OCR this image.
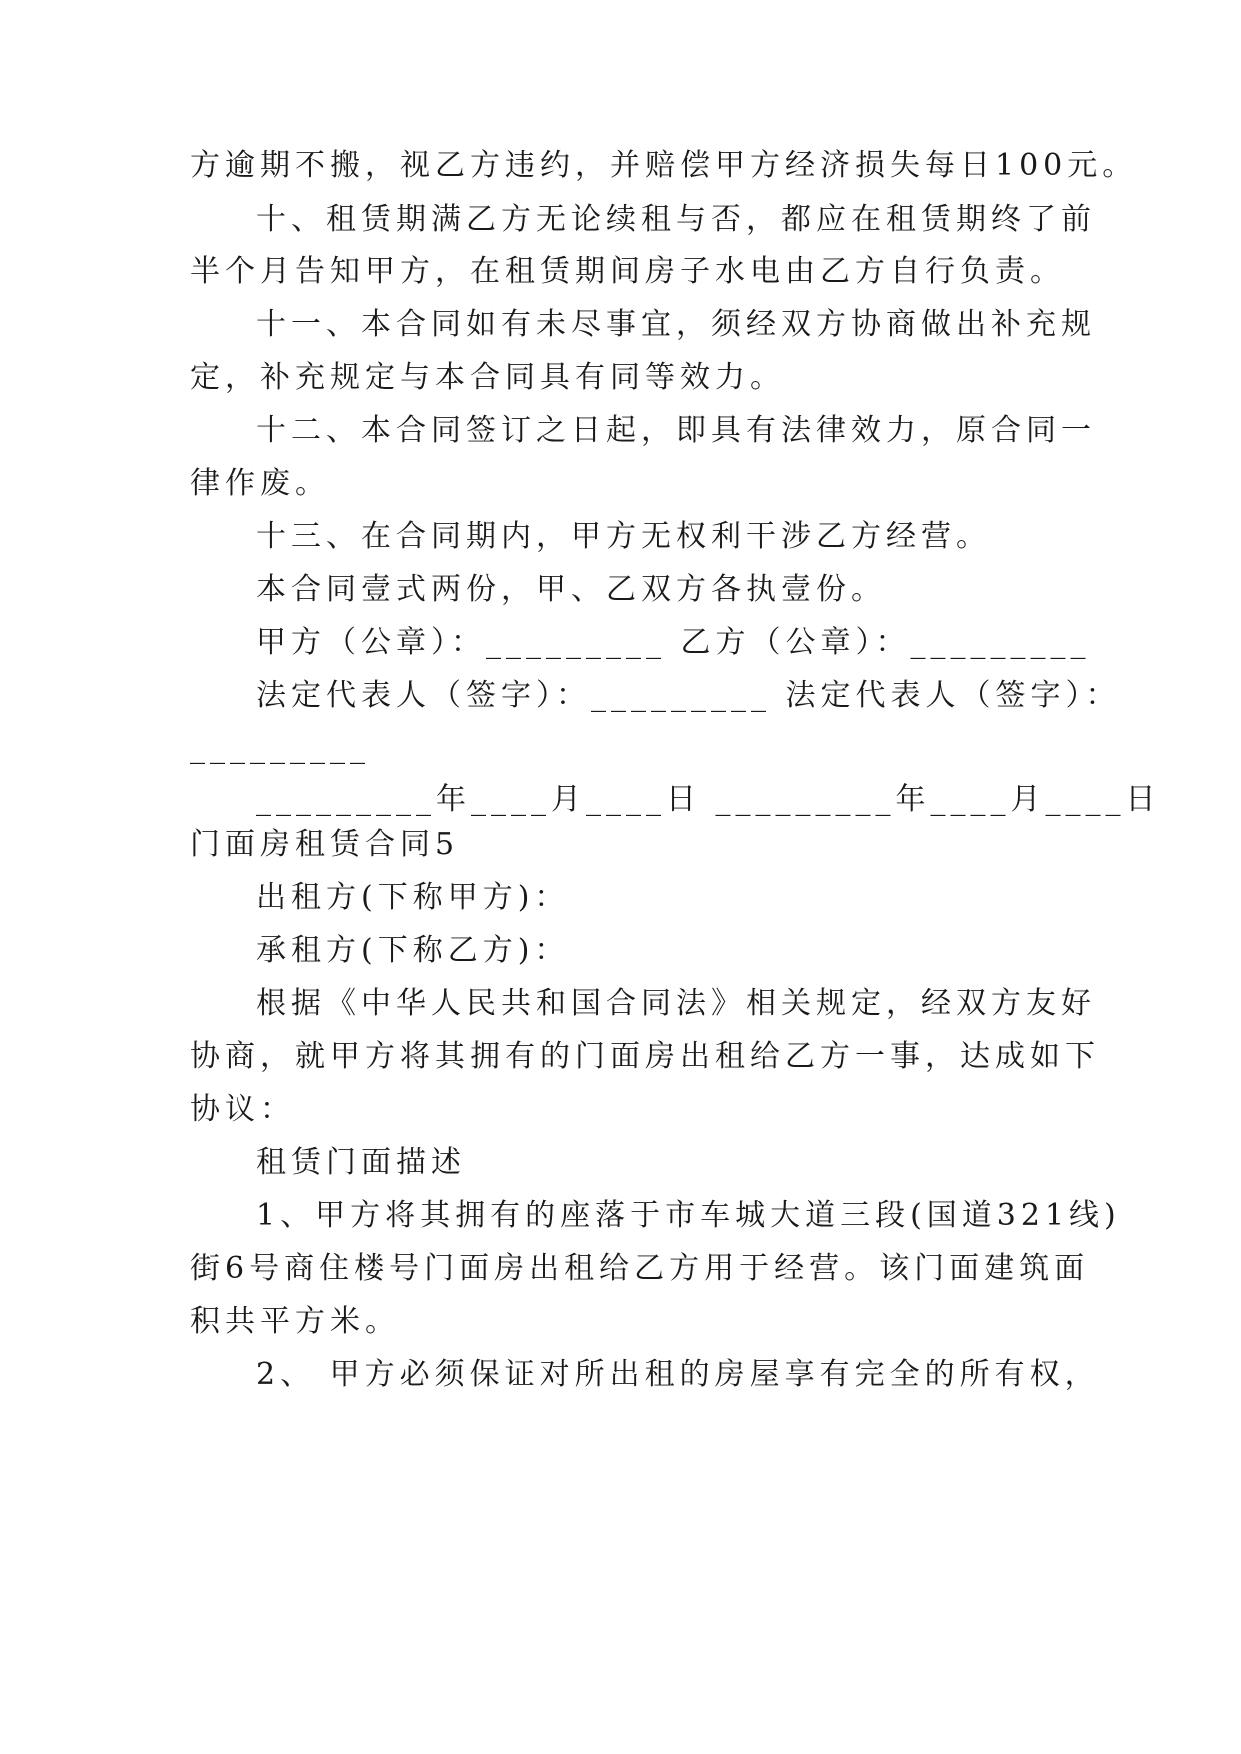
方逾期不搬，视乙方违约，并赔偿甲方经济损失每日100元。
十、租赁期满乙方无论续租与否，都应在租赁期终了前
半个月告知甲方，在租赁期间房子水电由乙方自行负责。
十一、本合同如有未尽事宜，须经双方协商做出补充规
定，补充规定与本合同具有同等效力。
十二、本合同签订之日起，即具有法律效力，原合同一
律作废。
十三、在合同期内，甲方无权利干涉乙方经营。
本合同壹式两份，甲、乙双方各执壹份。
甲方（公章）：_________ 乙方（公章）：_________
法定代表人（签字）：_________ 法定代表人（签字）：
_________
_________年____月____日 _________年____月____日
门面房租赁合同5
出租方(下称甲方)：
承租方(下称乙方)：
根据《中华人民共和国合同法》相关规定，经双方友好
协商，就甲方将其拥有的门面房出租给乙方一事，达成如下
协议：
租赁门面描述
1、甲方将其拥有的座落于市车城大道三段(国道321线)
街6号商住楼号门面房出租给乙方用于经营。该门面建筑面
积共平方米。
2、 甲方必须保证对所出租的房屋享有完全的所有权，
